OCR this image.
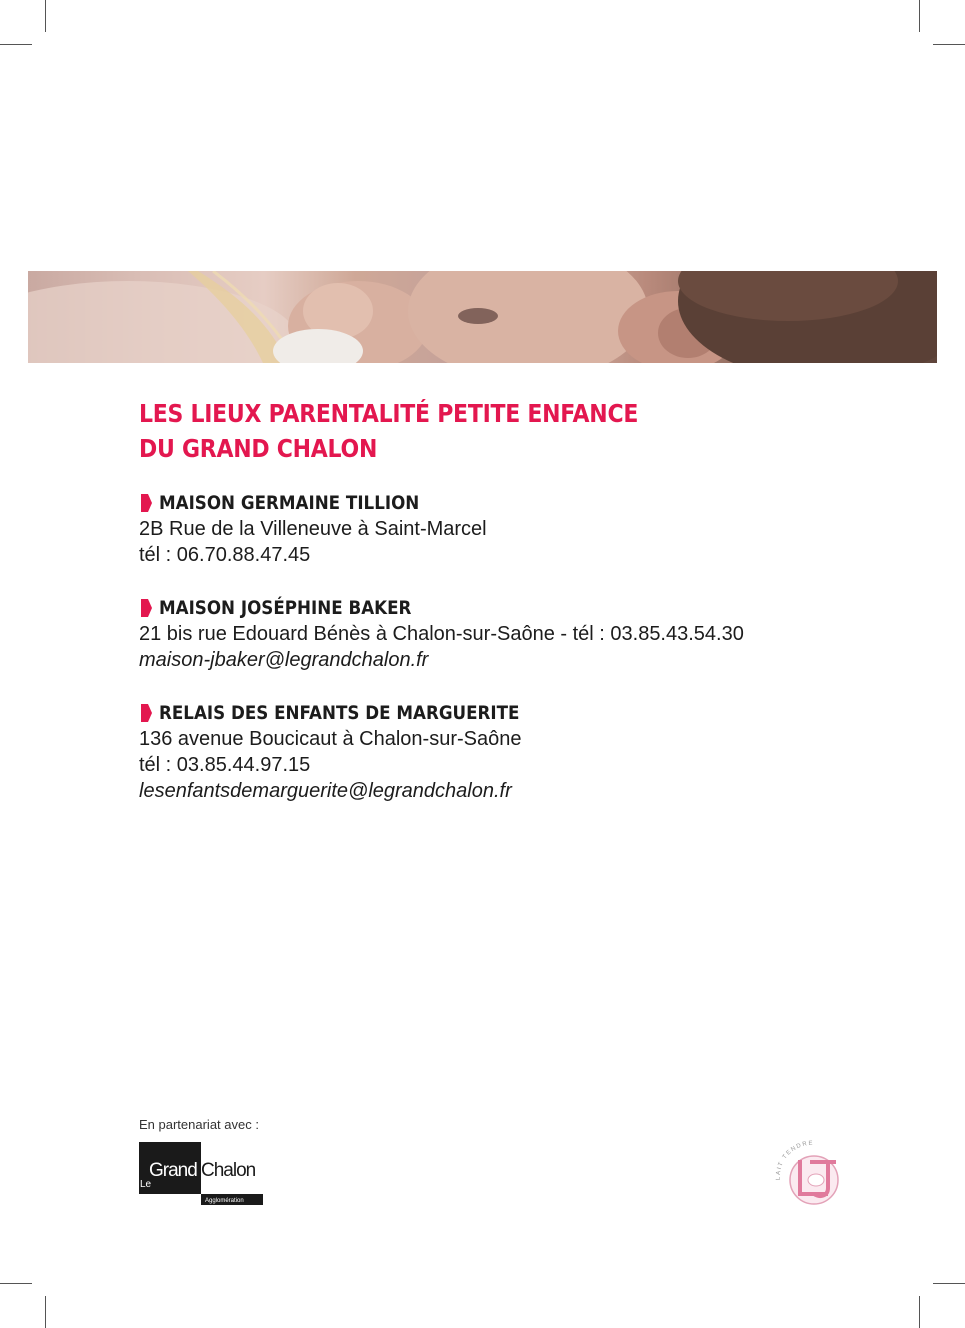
LES LIEUX PARENTALITÉ PETITE ENFANCE
DU GRAND CHALON
MAISON GERMAINE TILLION
2B Rue de la Villeneuve à Saint-Marcel
tél : 06.70.88.47.45
MAISON JOSÉPHINE BAKER
21 bis rue Edouard Bénès à Chalon-sur-Saône - tél : 03.85.43.54.30
maison-jbaker@legrandchalon.fr
RELAIS DES ENFANTS DE MARGUERITE
136 avenue Boucicaut à Chalon-sur-Saône
tél : 03.85.44.97.15
lesenfantsdemarguerite@legrandchalon.fr
En partenariat avec :
Le
Grand Chalon
Agglomération
LAIT TENDRE
LT
